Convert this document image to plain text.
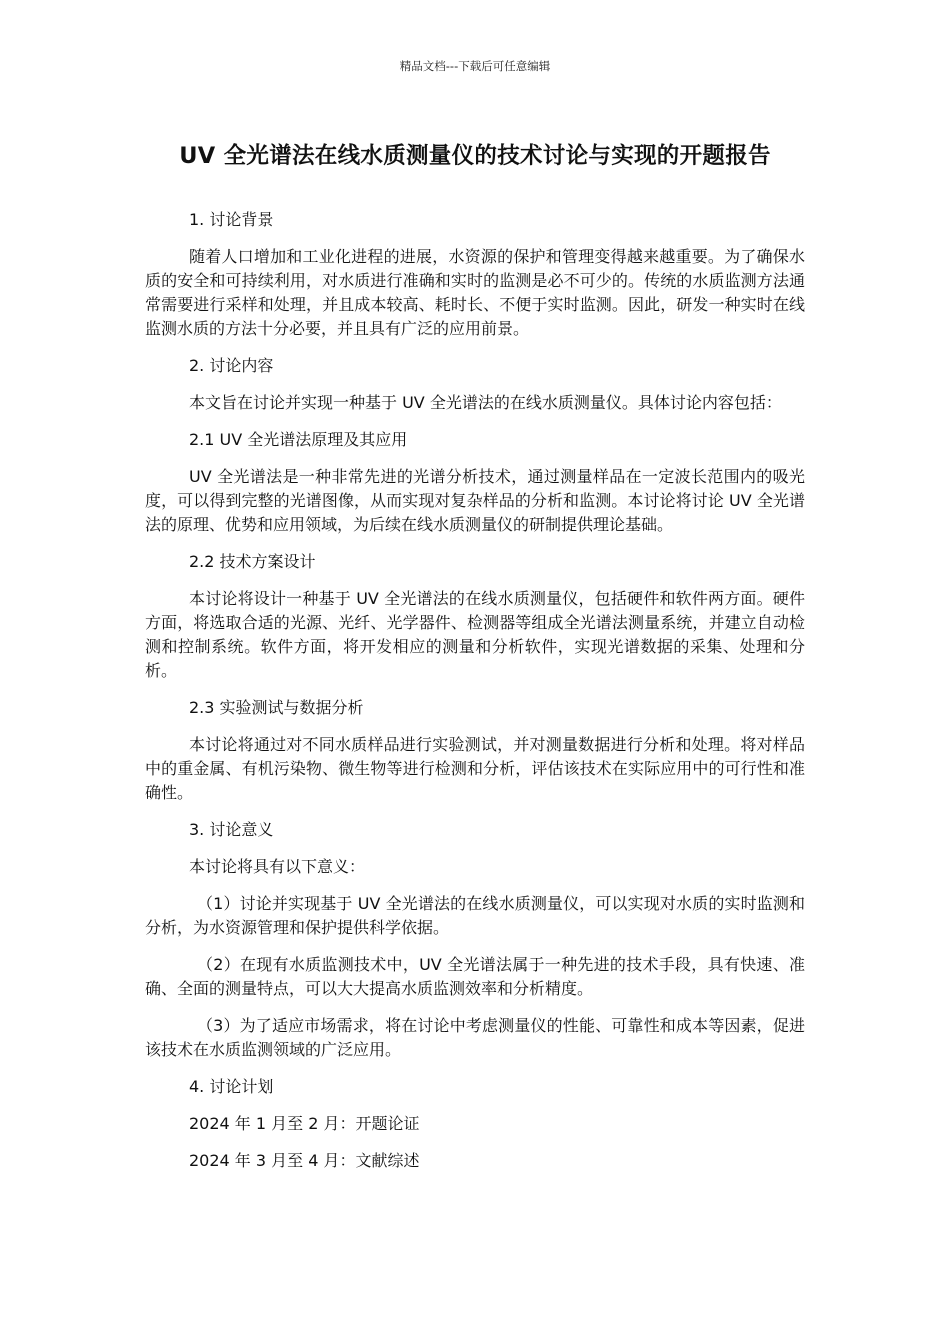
精品文档---下载后可任意编辑
UV 全光谱法在线水质测量仪的技术讨论与实现的开题报告

1. 讨论背景

随着人口增加和工业化进程的进展，水资源的保护和管理变得越来越重要。为了确保水质的安全和可持续利用，对水质进行准确和实时的监测是必不可少的。传统的水质监测方法通常需要进行采样和处理，并且成本较高、耗时长、不便于实时监测。因此，研发一种实时在线监测水质的方法十分必要，并且具有广泛的应用前景。

2. 讨论内容

本文旨在讨论并实现一种基于 UV 全光谱法的在线水质测量仪。具体讨论内容包括：

2.1 UV 全光谱法原理及其应用

UV 全光谱法是一种非常先进的光谱分析技术，通过测量样品在一定波长范围内的吸光度，可以得到完整的光谱图像，从而实现对复杂样品的分析和监测。本讨论将讨论 UV 全光谱法的原理、优势和应用领域，为后续在线水质测量仪的研制提供理论基础。

2.2 技术方案设计

本讨论将设计一种基于 UV 全光谱法的在线水质测量仪，包括硬件和软件两方面。硬件方面，将选取合适的光源、光纤、光学器件、检测器等组成全光谱法测量系统，并建立自动检测和控制系统。软件方面，将开发相应的测量和分析软件，实现光谱数据的采集、处理和分析。

2.3 实验测试与数据分析

本讨论将通过对不同水质样品进行实验测试，并对测量数据进行分析和处理。将对样品中的重金属、有机污染物、微生物等进行检测和分析，评估该技术在实际应用中的可行性和准确性。

3. 讨论意义

本讨论将具有以下意义：

（1）讨论并实现基于 UV 全光谱法的在线水质测量仪，可以实现对水质的实时监测和分析，为水资源管理和保护提供科学依据。

（2）在现有水质监测技术中，UV 全光谱法属于一种先进的技术手段，具有快速、准确、全面的测量特点，可以大大提高水质监测效率和分析精度。

（3）为了适应市场需求，将在讨论中考虑测量仪的性能、可靠性和成本等因素，促进该技术在水质监测领域的广泛应用。

4. 讨论计划

2024 年 1 月至 2 月：开题论证

2024 年 3 月至 4 月：文献综述
